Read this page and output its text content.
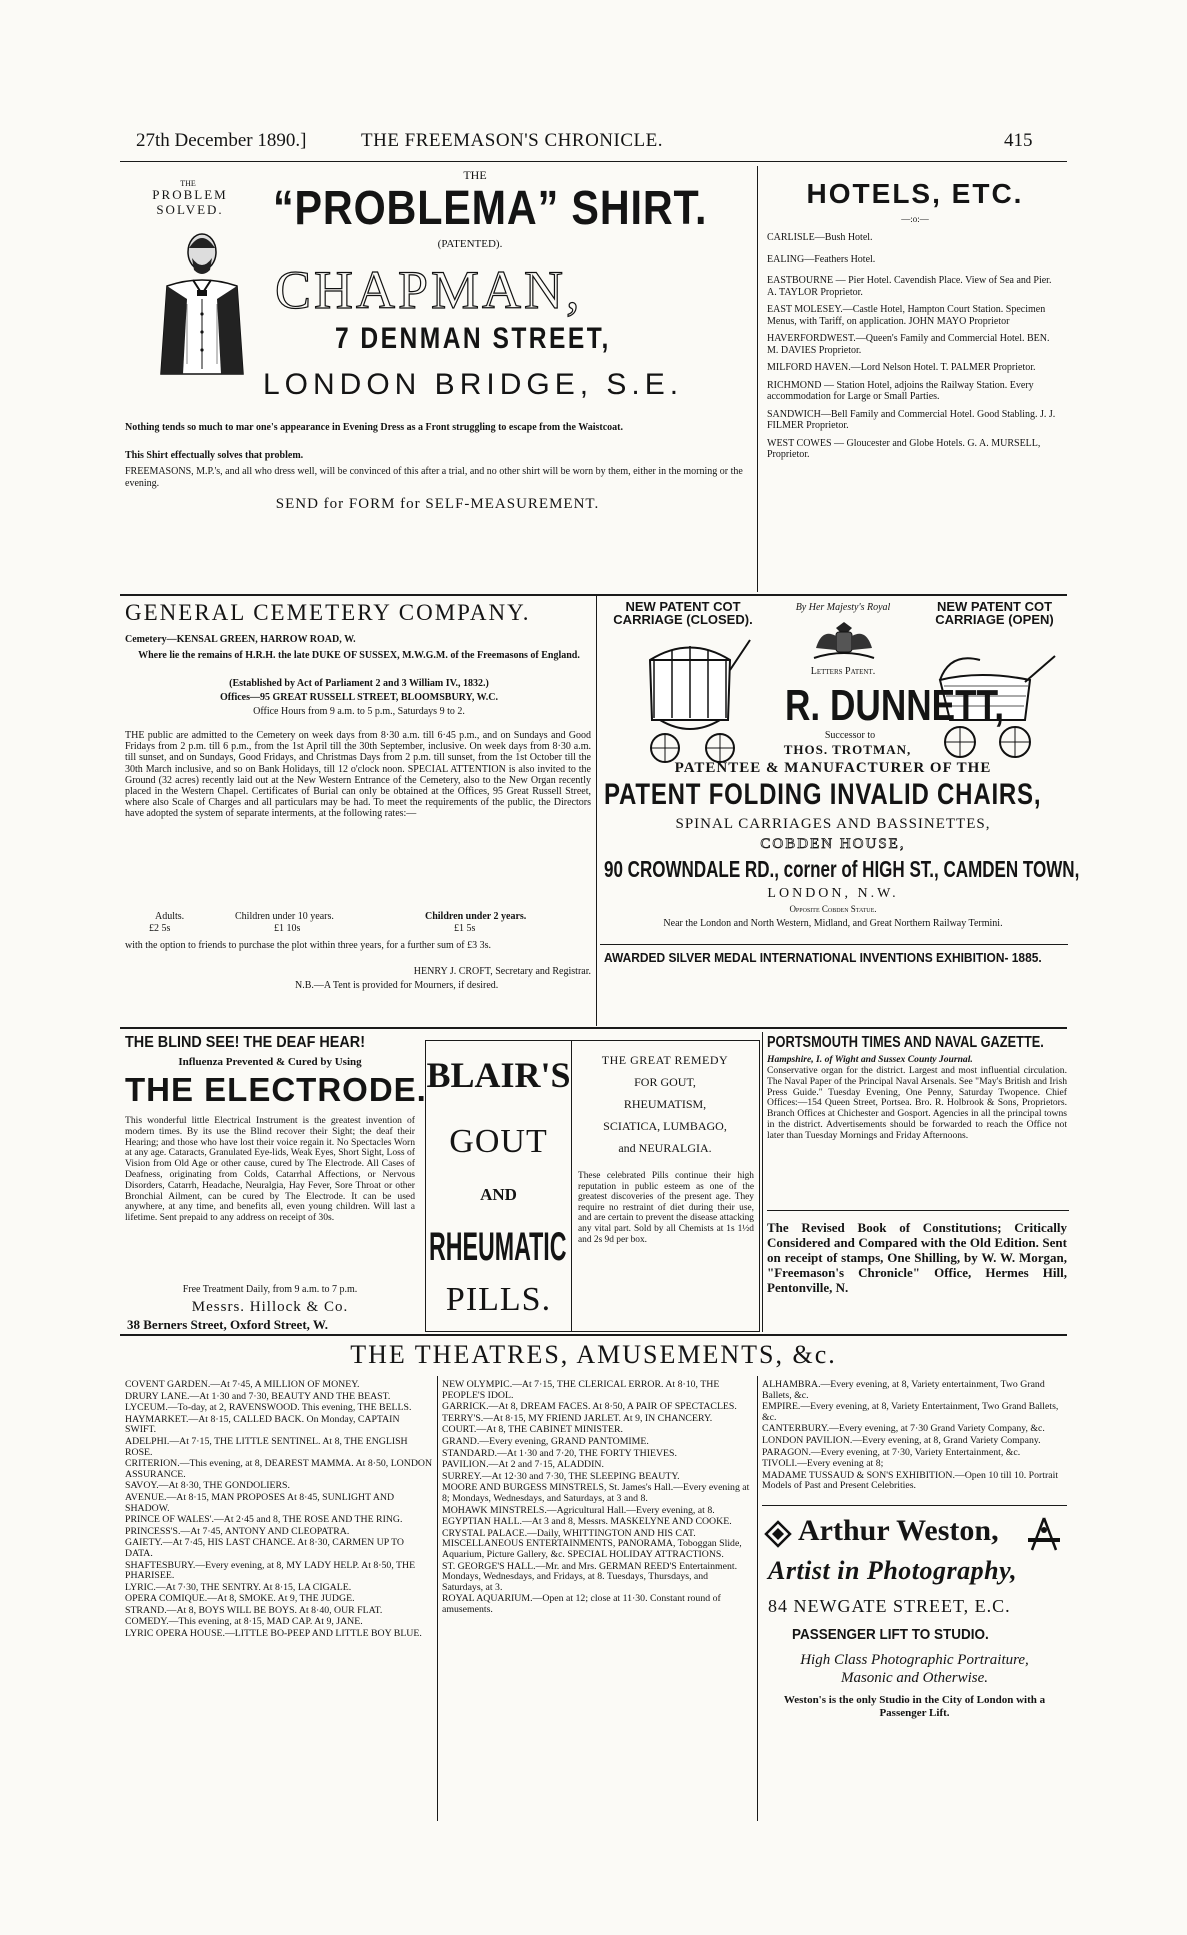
27th December 1890.]	THE FREEMASON'S CHRONICLE.	415
THE
PROBLEM
SOLVED.
THE
“PROBLEMA” SHIRT.
(PATENTED).
CHAPMAN,
7 DENMAN STREET,
LONDON BRIDGE, S.E.
Nothing tends so much to mar one's appearance in Evening Dress as a Front struggling to escape from the Waistcoat.
This Shirt effectually solves that problem.
FREEMASONS, M.P.'s, and all who dress well, will be convinced of this after a trial, and no other shirt will be worn by them, either in the morning or the evening.
SEND for FORM for SELF-MEASUREMENT.
HOTELS, ETC.
—:o:—
CARLISLE—Bush Hotel.
EALING—Feathers Hotel.
EASTBOURNE — Pier Hotel. Cavendish Place. View of Sea and Pier. A. TAYLOR Proprietor.
EAST MOLESEY.—Castle Hotel, Hampton Court Station. Specimen Menus, with Tariff, on application. JOHN MAYO Proprietor
HAVERFORDWEST.—Queen's Family and Commercial Hotel. BEN. M. DAVIES Proprietor.
MILFORD HAVEN.—Lord Nelson Hotel. T. PALMER Proprietor.
RICHMOND — Station Hotel, adjoins the Railway Station. Every accommodation for Large or Small Parties.
SANDWICH—Bell Family and Commercial Hotel. Good Stabling. J. J. FILMER Proprietor.
WEST COWES — Gloucester and Globe Hotels. G. A. MURSELL, Proprietor.
GENERAL CEMETERY COMPANY.
Cemetery—KENSAL GREEN, HARROW ROAD, W.
Where lie the remains of H.R.H. the late DUKE OF SUSSEX, M.W.G.M. of the Freemasons of England.
(Established by Act of Parliament 2 and 3 William IV., 1832.)
Offices—95 GREAT RUSSELL STREET, BLOOMSBURY, W.C.
Office Hours from 9 a.m. to 5 p.m., Saturdays 9 to 2.
THE public are admitted to the Cemetery on week days from 8·30 a.m. till 6·45 p.m., and on Sundays and Good Fridays from 2 p.m. till 6 p.m., from the 1st April till the 30th September, inclusive. On week days from 8·30 a.m. till sunset, and on Sundays, Good Fridays, and Christmas Days from 2 p.m. till sunset, from the 1st October till the 30th March inclusive, and so on Bank Holidays, till 12 o'clock noon. SPECIAL ATTENTION is also invited to the Ground (32 acres) recently laid out at the New Western Entrance of the Cemetery, also to the New Organ recently placed in the Western Chapel. Certificates of Burial can only be obtained at the Offices, 95 Great Russell Street, where also Scale of Charges and all particulars may be had. To meet the requirements of the public, the Directors have adopted the system of separate interments, at the following rates:—
Adults.	Children under 10 years.	Children under 2 years.
£2 5s	£1 10s	£1 5s
with the option to friends to purchase the plot within three years, for a further sum of £3 3s.
HENRY J. CROFT, Secretary and Registrar.
N.B.—A Tent is provided for Mourners, if desired.
NEW PATENT COT CARRIAGE (CLOSED).
By Her Majesty's Royal	NEW PATENT COT CARRIAGE (OPEN)
Letters Patent.
R. DUNNETT,
Successor to
THOS. TROTMAN,
PATENTEE & MANUFACTURER OF THE
PATENT FOLDING INVALID CHAIRS,
SPINAL CARRIAGES AND BASSINETTES,
COBDEN HOUSE,
90 CROWNDALE RD., corner of HIGH ST., CAMDEN TOWN,
LONDON, N.W.
Opposite Cobden Statue.
Near the London and North Western, Midland, and Great Northern Railway Termini.
AWARDED SILVER MEDAL INTERNATIONAL INVENTIONS EXHIBITION- 1885.
THE BLIND SEE! THE DEAF HEAR!
Influenza Prevented & Cured by Using
THE ELECTRODE.
This wonderful little Electrical Instrument is the greatest invention of modern times. By its use the Blind recover their Sight; the deaf their Hearing; and those who have lost their voice regain it. No Spectacles Worn at any age. Cataracts, Granulated Eye-lids, Weak Eyes, Short Sight, Loss of Vision from Old Age or other cause, cured by The Electrode. All Cases of Deafness, originating from Colds, Catarrhal Affections, or Nervous Disorders, Catarrh, Headache, Neuralgia, Hay Fever, Sore Throat or other Bronchial Ailment, can be cured by The Electrode. It can be used anywhere, at any time, and benefits all, even young children. Will last a lifetime. Sent prepaid to any address on receipt of 30s.
Free Treatment Daily, from 9 a.m. to 7 p.m.
Messrs. Hillock & Co.
38 Berners Street, Oxford Street, W.
BLAIR'S
GOUT
AND
RHEUMATIC
PILLS.
THE GREAT REMEDY
FOR GOUT,
RHEUMATISM,
SCIATICA, LUMBAGO,
and NEURALGIA.
These celebrated Pills continue their high reputation in public esteem as one of the greatest discoveries of the present age. They require no restraint of diet during their use, and are certain to prevent the disease attacking any vital part. Sold by all Chemists at 1s 1½d and 2s 9d per box.
PORTSMOUTH TIMES AND NAVAL GAZETTE.
Hampshire, I. of Wight and Sussex County Journal.
Conservative organ for the district. Largest and most influential circulation. The Naval Paper of the Principal Naval Arsenals. See "May's British and Irish Press Guide." Tuesday Evening, One Penny, Saturday Twopence. Chief Offices:—154 Queen Street, Portsea. Bro. R. Holbrook & Sons, Proprietors. Branch Offices at Chichester and Gosport. Agencies in all the principal towns in the district. Advertisements should be forwarded to reach the Office not later than Tuesday Mornings and Friday Afternoons.
The Revised Book of Constitutions; Critically Considered and Compared with the Old Edition. Sent on receipt of stamps, One Shilling, by W. W. Morgan, "Freemason's Chronicle" Office, Hermes Hill, Pentonville, N.
THE THEATRES, AMUSEMENTS, &c.
COVENT GARDEN.—At 7·45, A MILLION OF MONEY.
DRURY LANE.—At 1·30 and 7·30, BEAUTY AND THE BEAST.
LYCEUM.—To-day, at 2, RAVENSWOOD. This evening, THE BELLS.
HAYMARKET.—At 8·15, CALLED BACK. On Monday, CAPTAIN SWIFT.
ADELPHI.—At 7·15, THE LITTLE SENTINEL. At 8, THE ENGLISH ROSE.
CRITERION.—This evening, at 8, DEAREST MAMMA. At 8·50, LONDON ASSURANCE.
SAVOY.—At 8·30, THE GONDOLIERS.
AVENUE.—At 8·15, MAN PROPOSES At 8·45, SUNLIGHT AND SHADOW.
PRINCE OF WALES'.—At 2·45 and 8, THE ROSE AND THE RING.
PRINCESS'S.—At 7·45, ANTONY AND CLEOPATRA.
GAIETY.—At 7·45, HIS LAST CHANCE. At 8·30, CARMEN UP TO DATA.
SHAFTESBURY.—Every evening, at 8, MY LADY HELP. At 8·50, THE PHARISEE.
LYRIC.—At 7·30, THE SENTRY. At 8·15, LA CIGALE.
OPERA COMIQUE.—At 8, SMOKE. At 9, THE JUDGE.
STRAND.—At 8, BOYS WILL BE BOYS. At 8·40, OUR FLAT.
COMEDY.—This evening, at 8·15, MAD CAP. At 9, JANE.
LYRIC OPERA HOUSE.—LITTLE BO-PEEP AND LITTLE BOY BLUE.
NEW OLYMPIC.—At 7·15, THE CLERICAL ERROR. At 8·10, THE PEOPLE'S IDOL.
GARRICK.—At 8, DREAM FACES. At 8·50, A PAIR OF SPECTACLES.
TERRY'S.—At 8·15, MY FRIEND JARLET. At 9, IN CHANCERY.
COURT.—At 8, THE CABINET MINISTER.
GRAND.—Every evening, GRAND PANTOMIME.
STANDARD.—At 1·30 and 7·20, THE FORTY THIEVES.
PAVILION.—At 2 and 7·15, ALADDIN.
SURREY.—At 12·30 and 7·30, THE SLEEPING BEAUTY.
MOORE AND BURGESS MINSTRELS, St. James's Hall.—Every evening at 8; Mondays, Wednesdays, and Saturdays, at 3 and 8.
MOHAWK MINSTRELS.—Agricultural Hall.—Every evening, at 8.
EGYPTIAN HALL.—At 3 and 8, Messrs. MASKELYNE AND COOKE.
CRYSTAL PALACE.—Daily, WHITTINGTON AND HIS CAT. MISCELLANEOUS ENTERTAINMENTS, PANORAMA, Toboggan Slide, Aquarium, Picture Gallery, &c. SPECIAL HOLIDAY ATTRACTIONS.
ST. GEORGE'S HALL.—Mr. and Mrs. GERMAN REED'S Entertainment. Mondays, Wednesdays, and Fridays, at 8. Tuesdays, Thursdays, and Saturdays, at 3.
ROYAL AQUARIUM.—Open at 12; close at 11·30. Constant round of amusements.
ALHAMBRA.—Every evening, at 8, Variety entertainment, Two Grand Ballets, &c.
EMPIRE.—Every evening, at 8, Variety Entertainment, Two Grand Ballets, &c.
CANTERBURY.—Every evening, at 7·30 Grand Variety Company, &c.
LONDON PAVILION.—Every evening, at 8, Grand Variety Company.
PARAGON.—Every evening, at 7·30, Variety Entertainment, &c.
TIVOLI.—Every evening at 8;
MADAME TUSSAUD & SON'S EXHIBITION.—Open 10 till 10. Portrait Models of Past and Present Celebrities.
Arthur Weston,
Artist in Photography,
84 NEWGATE STREET, E.C.
PASSENGER LIFT TO STUDIO.
High Class Photographic Portraiture,
Masonic and Otherwise.
Weston's is the only Studio in the City of London with a Passenger Lift.
